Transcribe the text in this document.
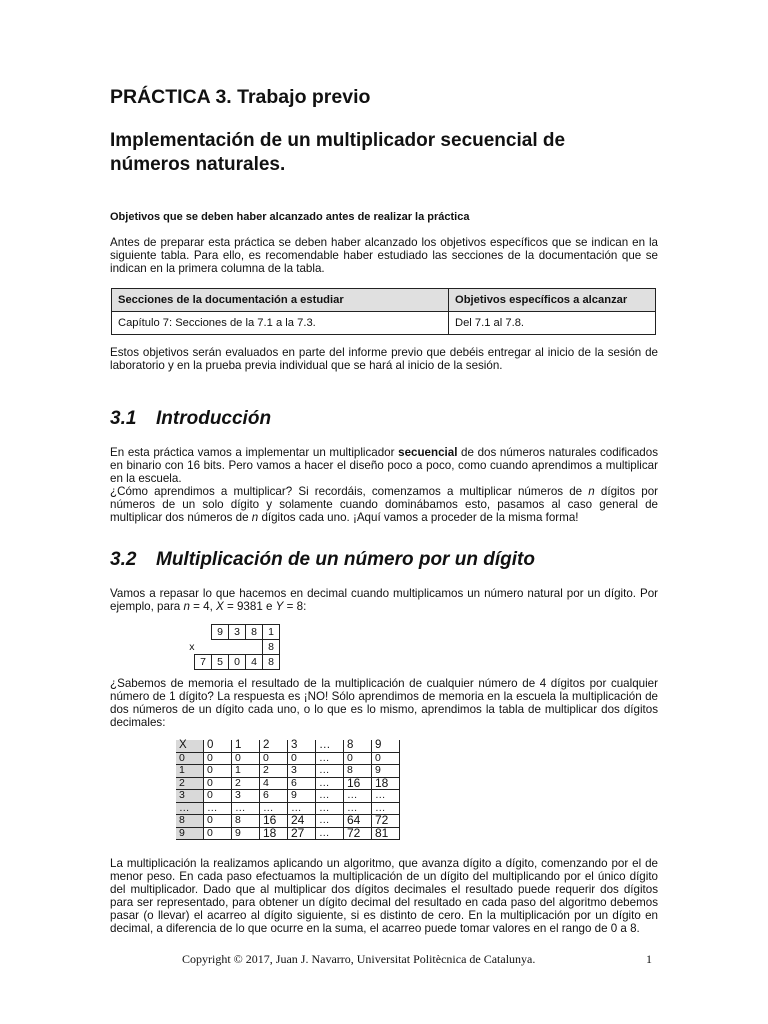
PRÁCTICA 3. Trabajo previo
Implementación de un multiplicador secuencial de
números naturales.
Objetivos que se deben haber alcanzado antes de realizar la práctica

Antes de preparar esta práctica se deben haber alcanzado los objetivos específicos que se indican en la siguiente tabla. Para ello, es recomendable haber estudiado las secciones de la documentación que se indican en la primera columna de la tabla.

Secciones de la documentación a estudiar	Objetivos específicos a alcanzar
Capítulo 7: Secciones de la 7.1 a la 7.3.	Del 7.1 al 7.8.

Estos objetivos serán evaluados en parte del informe previo que debéis entregar al inicio de la sesión de laboratorio y en la prueba previa individual que se hará al inicio de la sesión.

3.1 Introducción

En esta práctica vamos a implementar un multiplicador secuencial de dos números naturales codificados en binario con 16 bits. Pero vamos a hacer el diseño poco a poco, como cuando aprendimos a multiplicar en la escuela.

¿Cómo aprendimos a multiplicar? Si recordáis, comenzamos a multiplicar números de n dígitos por números de un solo dígito y solamente cuando dominábamos esto, pasamos al caso general de multiplicar dos números de n dígitos cada uno. ¡Aquí vamos a proceder de la misma forma!

3.2 Multiplicación de un número por un dígito

Vamos a repasar lo que hacemos en decimal cuando multiplicamos un número natural por un dígito. Por ejemplo, para n = 4, X = 9381 e Y = 8:

		9	3	8	1
x					8
	7	5	0	4	8

¿Sabemos de memoria el resultado de la multiplicación de cualquier número de 4 dígitos por cualquier número de 1 dígito? La respuesta es ¡NO! Sólo aprendimos de memoria en la escuela la multiplicación de dos números de un dígito cada uno, o lo que es lo mismo, aprendimos la tabla de multiplicar dos dígitos decimales:

X	0	1	2	3	…	8	9
0	0	0	0	0	…	0	0
1	0	1	2	3	…	8	9
2	0	2	4	6	…	16	18
3	0	3	6	9	…	…	…
…	…	…	…	…	…	…	…
8	0	8	16	24	…	64	72
9	0	9	18	27	…	72	81

La multiplicación la realizamos aplicando un algoritmo, que avanza dígito a dígito, comenzando por el de menor peso. En cada paso efectuamos la multiplicación de un dígito del multiplicando por el único dígito del multiplicador. Dado que al multiplicar dos dígitos decimales el resultado puede requerir dos dígitos para ser representado, para obtener un dígito decimal del resultado en cada paso del algoritmo debemos pasar (o llevar) el acarreo al dígito siguiente, si es distinto de cero. En la multiplicación por un dígito en decimal, a diferencia de lo que ocurre en la suma, el acarreo puede tomar valores en el rango de 0 a 8.

Copyright © 2017, Juan J. Navarro, Universitat Politècnica de Catalunya.	1
